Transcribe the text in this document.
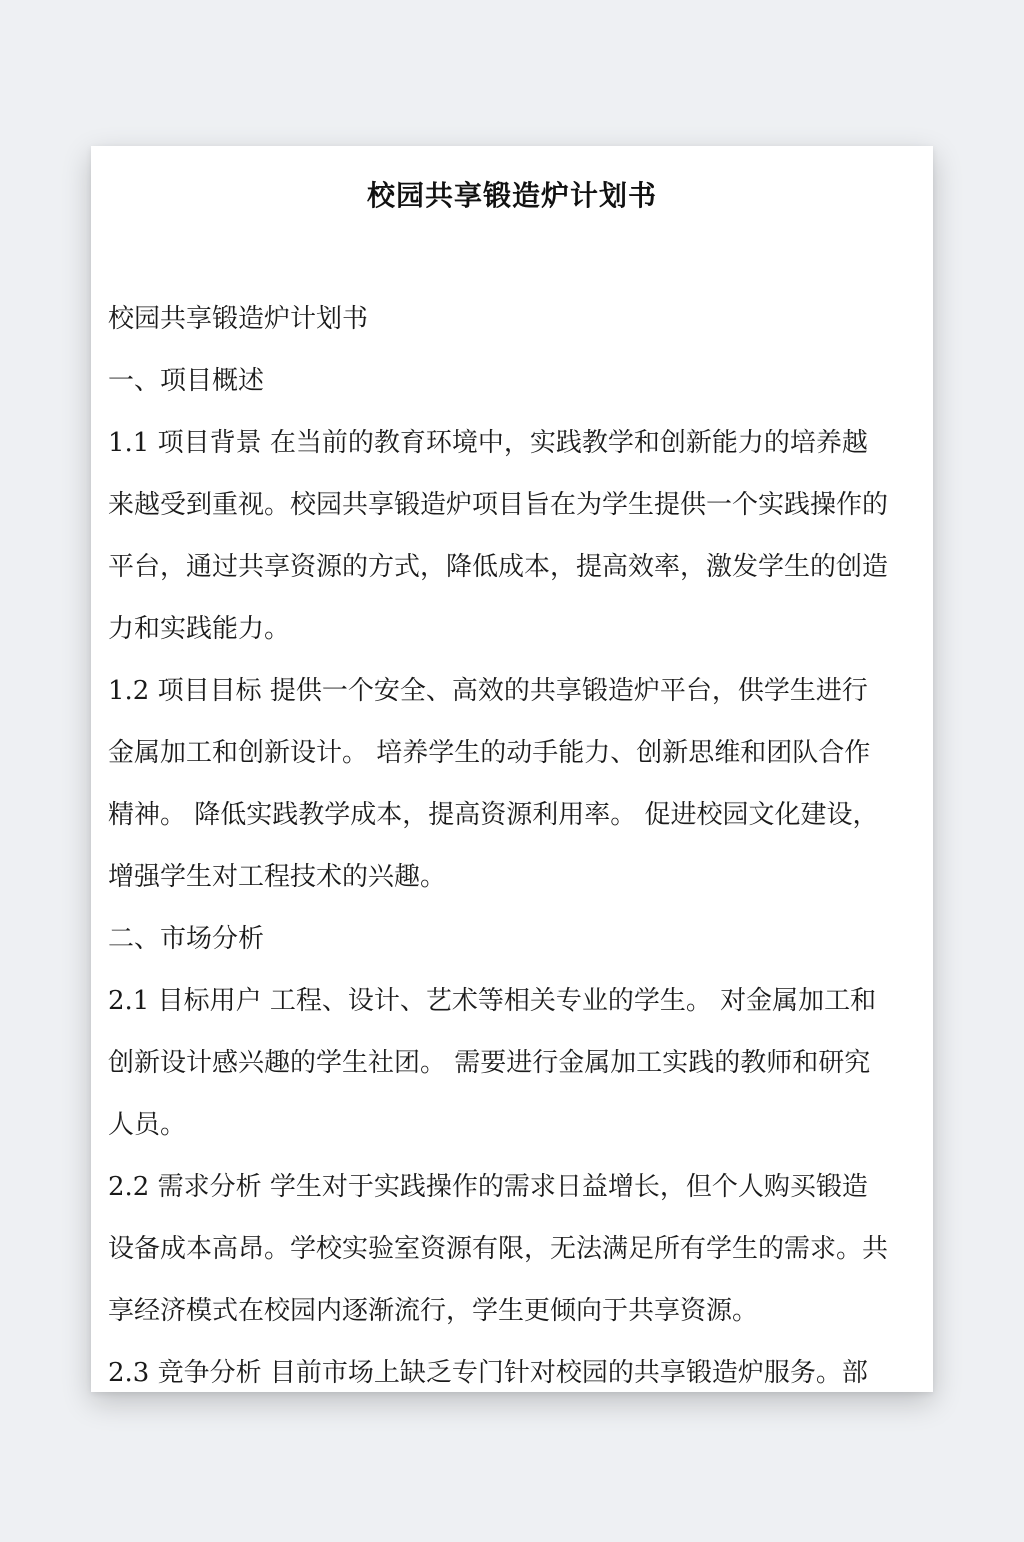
校园共享锻造炉计划书
校园共享锻造炉计划书
一、项目概述
1.1 项目背景 在当前的教育环境中，实践教学和创新能力的培养越
来越受到重视。校园共享锻造炉项目旨在为学生提供一个实践操作的
平台，通过共享资源的方式，降低成本，提高效率，激发学生的创造
力和实践能力。
1.2 项目目标 提供一个安全、高效的共享锻造炉平台，供学生进行
金属加工和创新设计。 培养学生的动手能力、创新思维和团队合作
精神。 降低实践教学成本，提高资源利用率。 促进校园文化建设，
增强学生对工程技术的兴趣。
二、市场分析
2.1 目标用户 工程、设计、艺术等相关专业的学生。 对金属加工和
创新设计感兴趣的学生社团。 需要进行金属加工实践的教师和研究
人员。
2.2 需求分析 学生对于实践操作的需求日益增长，但个人购买锻造
设备成本高昂。学校实验室资源有限，无法满足所有学生的需求。共
享经济模式在校园内逐渐流行，学生更倾向于共享资源。
2.3 竞争分析 目前市场上缺乏专门针对校园的共享锻造炉服务。部
